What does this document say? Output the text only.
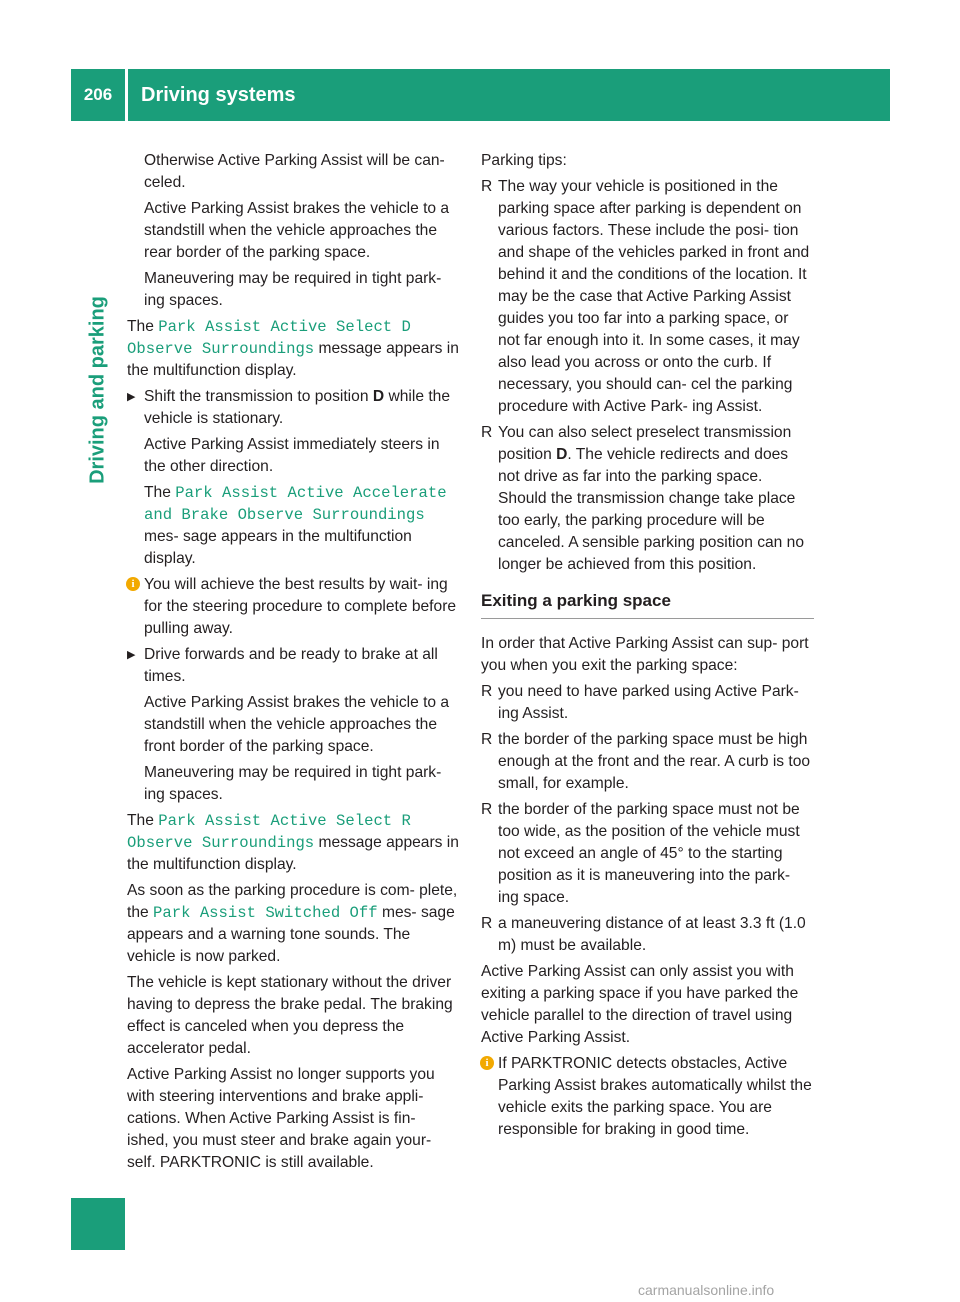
206	Driving systems
Driving and parking

Otherwise Active Parking Assist will be can- celed.

Active Parking Assist brakes the vehicle to a standstill when the vehicle approaches the rear border of the parking space.

Maneuvering may be required in tight park- ing spaces.

The Park Assist Active Select D Observe Surroundings message appears in the multifunction display.

▶ Shift the transmission to position D while the vehicle is stationary.

Active Parking Assist immediately steers in the other direction.

The Park Assist Active Accelerate and Brake Observe Surroundings mes- sage appears in the multifunction display.

i You will achieve the best results by wait- ing for the steering procedure to complete before pulling away.
▶ Drive forwards and be ready to brake at all times.

Active Parking Assist brakes the vehicle to a standstill when the vehicle approaches the front border of the parking space.

Maneuvering may be required in tight park- ing spaces.

The Park Assist Active Select R Observe Surroundings message appears in the multifunction display.

As soon as the parking procedure is com- plete, the Park Assist Switched Off mes- sage appears and a warning tone sounds. The vehicle is now parked.

The vehicle is kept stationary without the driver having to depress the brake pedal. The braking effect is canceled when you depress the accelerator pedal.

Active Parking Assist no longer supports you with steering interventions and brake appli- cations. When Active Parking Assist is fin- ished, you must steer and brake again your- self. PARKTRONIC is still available.

Parking tips:

R The way your vehicle is positioned in the parking space after parking is dependent on various factors. These include the posi- tion and shape of the vehicles parked in front and behind it and the conditions of the location. It may be the case that Active Parking Assist guides you too far into a parking space, or not far enough into it. In some cases, it may also lead you across or onto the curb. If necessary, you should can- cel the parking procedure with Active Park- ing Assist.
R You can also select preselect transmission position D. The vehicle redirects and does not drive as far into the parking space. Should the transmission change take place too early, the parking procedure will be canceled. A sensible parking position can no longer be achieved from this position.
Exiting a parking space

In order that Active Parking Assist can sup- port you when you exit the parking space:

R you need to have parked using Active Park- ing Assist.
R the border of the parking space must be high enough at the front and the rear. A curb is too small, for example.
R the border of the parking space must not be too wide, as the position of the vehicle must not exceed an angle of 45° to the starting position as it is maneuvering into the park- ing space.
R a maneuvering distance of at least 3.3 ft (1.0 m) must be available.

Active Parking Assist can only assist you with exiting a parking space if you have parked the vehicle parallel to the direction of travel using Active Parking Assist.

i If PARKTRONIC detects obstacles, Active Parking Assist brakes automatically whilst the vehicle exits the parking space. You are responsible for braking in good time.
carmanualsonline.info
